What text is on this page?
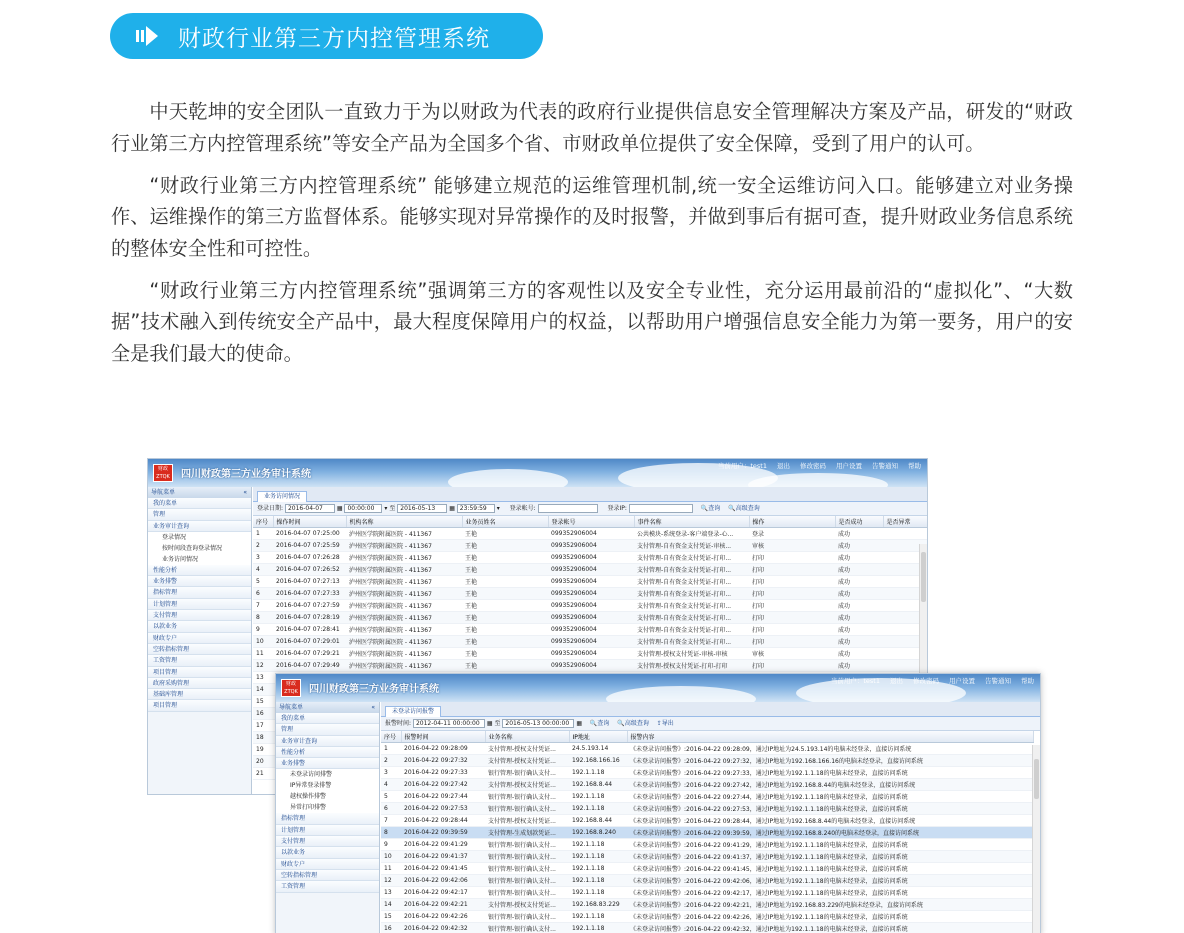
财政行业第三方内控管理系统

中天乾坤的安全团队一直致力于为以财政为代表的政府行业提供信息安全管理解决方案及产品，研发的“财政行业第三方内控管理系统”等安全产品为全国多个省、市财政单位提供了安全保障，受到了用户的认可。

“财政行业第三方内控管理系统” 能够建立规范的运维管理机制,统一安全运维访问入口。能够建立对业务操作、运维操作的第三方监督体系。能够实现对异常操作的及时报警，并做到事后有据可查，提升财政业务信息系统的整体安全性和可控性。

“财政行业第三方内控管理系统”强调第三方的客观性以及安全专业性，充分运用最前沿的“虚拟化”、“大数据”技术融入到传统安全产品中，最大程度保障用户的权益，以帮助用户增强信息安全能力为第一要务，用户的安全是我们最大的使命。

财政
ZTQK 四川财政第三方业务审计系统
当前用户：test1 退出 修改密码 用户设置 告警通知 帮助
导航菜单	«
我的菜单
管理
业务审计查询
登录情况
按时间段查询登录情况
业务访问情况
性能分析
业务排警
指标管理
计划管理
支付管理
以款业务
财政专户
空转指标管理
工资管理
项目管理
政府采购管理
基础库管理
项目管理
业务访问情况
登录日期: 2016-04-07 ▦ 00:00:00 ▾ 至 2016-05-13 ▦ 23:59:59 ▾ 登录帐号:	登录IP:	🔍查询 🔍高级查询
序号	操作时间	机构名称	业务员姓名	登录帐号	事件名称	操作	是否成功	是否异常
1	2016-04-07 07:25:00	泸州医学院附属医院 - 411367	王艳	099352906004	公共模块-系统登录-客户端登录-心...	登录	成功	
2	2016-04-07 07:25:59	泸州医学院附属医院 - 411367	王艳	099352906004	支付管理-自有资金支付凭证-审核...	审核	成功	
3	2016-04-07 07:26:28	泸州医学院附属医院 - 411367	王艳	099352906004	支付管理-自有资金支付凭证-打印...	打印	成功	
4	2016-04-07 07:26:52	泸州医学院附属医院 - 411367	王艳	099352906004	支付管理-自有资金支付凭证-打印...	打印	成功	
5	2016-04-07 07:27:13	泸州医学院附属医院 - 411367	王艳	099352906004	支付管理-自有资金支付凭证-打印...	打印	成功	
6	2016-04-07 07:27:33	泸州医学院附属医院 - 411367	王艳	099352906004	支付管理-自有资金支付凭证-打印...	打印	成功	
7	2016-04-07 07:27:59	泸州医学院附属医院 - 411367	王艳	099352906004	支付管理-自有资金支付凭证-打印...	打印	成功	
8	2016-04-07 07:28:19	泸州医学院附属医院 - 411367	王艳	099352906004	支付管理-自有资金支付凭证-打印...	打印	成功	
9	2016-04-07 07:28:41	泸州医学院附属医院 - 411367	王艳	099352906004	支付管理-自有资金支付凭证-打印...	打印	成功	
10	2016-04-07 07:29:01	泸州医学院附属医院 - 411367	王艳	099352906004	支付管理-自有资金支付凭证-打印...	打印	成功	
11	2016-04-07 07:29:21	泸州医学院附属医院 - 411367	王艳	099352906004	支付管理-授权支付凭证-审核-审核	审核	成功	
12	2016-04-07 07:29:49	泸州医学院附属医院 - 411367	王艳	099352906004	支付管理-授权支付凭证-打印-打印	打印	成功	
13								
14								
15								
16								
17								
18								
19								
20								
21								
财政
ZTQK 四川财政第三方业务审计系统
当前用户：test1 退出 修改密码 用户设置 告警通知 帮助
导航菜单	«
我的菜单
管理
业务审计查询
性能分析
业务排警
未登录访问排警
IP异常登录排警
越权操作排警
异常打印排警
指标管理
计划管理
支付管理
以款业务
财政专户
空转指标管理
工资管理
未登录访问报警
报警时间: 2012-04-11 00:00:00 ▦ 至 2016-05-13 00:00:00 ▦ 🔍查询 🔍高级查询 ⇪导出
序号	报警时间	业务名称	IP地址	报警内容
1	2016-04-22 09:28:09	支付管理-授权支付凭证...	24.5.193.14	《未登录访问报警》:2016-04-22 09:28:09，通过IP地址为24.5.193.14的电脑未经登录，直接访问系统
2	2016-04-22 09:27:32	支付管理-授权支付凭证...	192.168.166.16	《未登录访问报警》:2016-04-22 09:27:32，通过IP地址为192.168.166.16的电脑未经登录，直接访问系统
3	2016-04-22 09:27:33	银行管理-银行确认支付...	192.1.1.18	《未登录访问报警》:2016-04-22 09:27:33，通过IP地址为192.1.1.18的电脑未经登录，直接访问系统
4	2016-04-22 09:27:42	支付管理-授权支付凭证...	192.168.8.44	《未登录访问报警》:2016-04-22 09:27:42，通过IP地址为192.168.8.44的电脑未经登录，直接访问系统
5	2016-04-22 09:27:44	银行管理-银行确认支付...	192.1.1.18	《未登录访问报警》:2016-04-22 09:27:44，通过IP地址为192.1.1.18的电脑未经登录，直接访问系统
6	2016-04-22 09:27:53	银行管理-银行确认支付...	192.1.1.18	《未登录访问报警》:2016-04-22 09:27:53，通过IP地址为192.1.1.18的电脑未经登录，直接访问系统
7	2016-04-22 09:28:44	支付管理-授权支付凭证...	192.168.8.44	《未登录访问报警》:2016-04-22 09:28:44，通过IP地址为192.168.8.44的电脑未经登录，直接访问系统
8	2016-04-22 09:39:59	支付管理-生成划款凭证...	192.168.8.240	《未登录访问报警》:2016-04-22 09:39:59，通过IP地址为192.168.8.240的电脑未经登录，直接访问系统
9	2016-04-22 09:41:29	银行管理-银行确认支付...	192.1.1.18	《未登录访问报警》:2016-04-22 09:41:29，通过IP地址为192.1.1.18的电脑未经登录，直接访问系统
10	2016-04-22 09:41:37	银行管理-银行确认支付...	192.1.1.18	《未登录访问报警》:2016-04-22 09:41:37，通过IP地址为192.1.1.18的电脑未经登录，直接访问系统
11	2016-04-22 09:41:45	银行管理-银行确认支付...	192.1.1.18	《未登录访问报警》:2016-04-22 09:41:45，通过IP地址为192.1.1.18的电脑未经登录，直接访问系统
12	2016-04-22 09:42:06	银行管理-银行确认支付...	192.1.1.18	《未登录访问报警》:2016-04-22 09:42:06，通过IP地址为192.1.1.18的电脑未经登录，直接访问系统
13	2016-04-22 09:42:17	银行管理-银行确认支付...	192.1.1.18	《未登录访问报警》:2016-04-22 09:42:17，通过IP地址为192.1.1.18的电脑未经登录，直接访问系统
14	2016-04-22 09:42:21	支付管理-授权支付凭证...	192.168.83.229	《未登录访问报警》:2016-04-22 09:42:21，通过IP地址为192.168.83.229的电脑未经登录，直接访问系统
15	2016-04-22 09:42:26	银行管理-银行确认支付...	192.1.1.18	《未登录访问报警》:2016-04-22 09:42:26，通过IP地址为192.1.1.18的电脑未经登录，直接访问系统
16	2016-04-22 09:42:32	银行管理-银行确认支付...	192.1.1.18	《未登录访问报警》:2016-04-22 09:42:32，通过IP地址为192.1.1.18的电脑未经登录，直接访问系统
